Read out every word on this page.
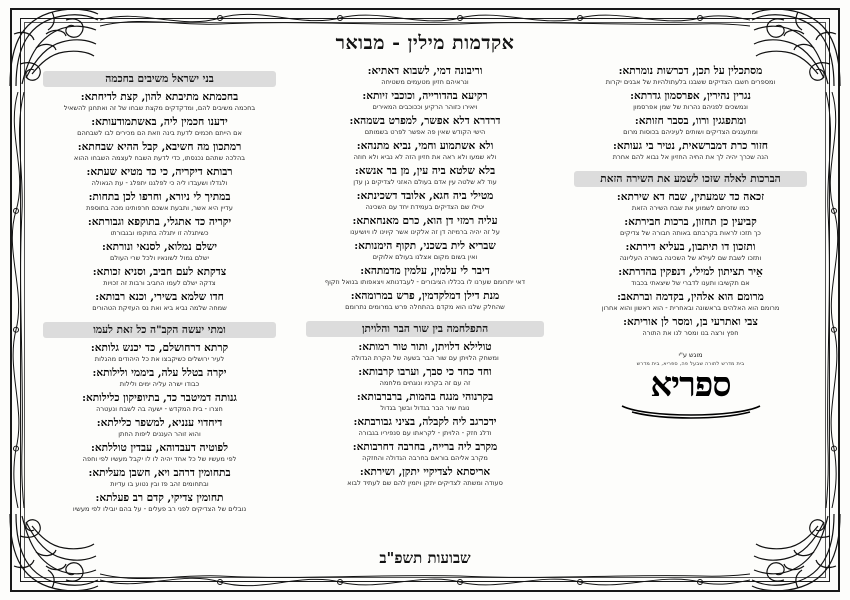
אקדמות מילין - מבואר
מסתכלין על תכן, דכרשות נומרתא:
ומספרים חשבו הצדיקים ששבנו בלעתולהיות של אבנים יקרות
נגרין נהירין, אפרסמון גדרתא:
ונמשכים לפניהם נהרות של שמן אפרסמון
ומתפגגין ורוו, בסבר חזותא:
ומתענגים הצדיקים ושותים לעיניהם בכוסות מרום
חזור כרת דמברשאית, נטיר בי געותא:
הנה שכרך יהיה לך את החיה החזיון אל נבוא להם אחרת
הברכות לאלה שזכו לשמע את השירה הזאת
זכאה כד שמעתין, שבח דא שירתא:
כמו שזכיתם לשמוע את שבח השירה הזאת
קביעין כן תחזון, ברכות חבירתא:
כך תזכו לראות בקרבתם באותה חבורה של צדיקים
ותזכון דו תיתבון, בעליא דירתא:
ותזכו לשבת שם לעילא של השכינה בשורה העליונה
אֵיר תציתון למילי, דנפקין בהדרתא:
אם תקשיבו ותענו לדברי של שיצאתי בכבוד
מרומם הוא אלהין, בקדמה וברתאב:
מרומם הוא האלהים בראשונה ובאחרית - הוא ראשון והוא אחרון
צבי ואתרעי בן, ומסר לן אוריתא:
חפץ ורצה בנו ומסר לנו את התורה
מוגש ע"י
בית מדרש לתורה שבעל פה, ספריא, בית מדרש
ספריא
וריבונה דמי, לשבוא דאתיא:
ונראיהם חזיון מטעמים משטיחה
רקיעא בהדורייה, וכוכבי זיותא:
ויאירו כזוהר הרקיע וככוכבים המאירים
דרדרא דלא אפשר, למפרט בשמהא:
הישי הקודש שאין פה אפשר לפרט בשמותם
ולא אשתמוע וחמי, נביא מתנהא:
ולא שמעו ולא ראה את חזיון הזה לא נביא ולא חוזה
בלא שלטא ביה עין, מן בר אנשא:
עוד לא שלטה עין אדם בעולם האזני לצדיקים גן עדן
מטילי ביה חגא, אלובד דשכינתא:
יטילו שם הצדיקים בעמידת יחד עם השכינה
עליה רמזי דן הוא, כרם מאנחאתא:
על זה יהיה ברמיזה דן זה אלקינו אשר קיוינו לו ויושיענו
שבריא לית בשכני, תקוף הימנותא:
ואין בשום מקום אצלנו בעולם אלוקים
דיבר לי עלמין, עלמין מדמתהא:
דאי יתרומם שערנו לו בכללו הציבורים - לעבדנותא ויצאפותו בנואל וזקוף
מנת דילן דמלקדמין, פרש במרומהא:
שהחלק שלנו הוא מקדם בהתחלה פרש במרומים נתרומם
התפלחמה בין שור הבר והלויתן
טולילא דלויתן, ותור טור רמותא:
ומשחק הלויתן עם שור הבר בשעה של הקרת הגדולה
וחד כחד כי סבך, וערבו קרבותא:
זה עם זה בקרניו ונוגחים מלחמה
בקרנוהי מנגח בהמות, ברברבותא:
נוגח שור הבר בגדול ובשך בגדול
ידכרגב ליה לקבלה, בציני גבורבתא:
ודלג חזק - הלויתן - לקראתו עם סנפיריו בגבורה
מקרב ליה ברייה, בחרבה דחרבותא:
מקרב אליהם בוראם בחרבה הגדולה והחזקה
אריסתא לצדיקיי יתקן, ושירתא:
סעודה ומשתה לצדיקים יתקן ויזמין להם שם לעתיד לבוא
בני ישראל משיבים בחכמה
בחכמתא מתיבתא להון, קצת לדיחתא:
בחכמה משיבים להם, ומדקדקים מקצת שבחו של זה ואתחנן להשאיל
ידענו חכמין ליה, באשתמודעותא:
אם הייתם חכמים לדעת בינה וזאת הם מכירים לבו לשבחהם
רמתכון מה חשיבא, קבל ההיא שבחתא:
בהלכה שתהם נכנסתו, כדי לדעת השבח לעצמה השבחו ההוא
רבותא דיקריה, כי כד מטיא שעתא:
ולגדלו ושעבדו ליה כי לפלגנו יתפלג - עת הגאולה
במתיך לי ניורא, וחרפו לכן בתחות:
עדיין היא אשר, ותבעת אשכם חרפותינו מכה בתוספת
יקריה כד אתגלי, בתוקפא וגבורתא:
כשיתגלה זו יתגלה בתוקפו ובגבורתו
ישלם נמלוא, לסנאי ונורתא:
ישלם גמול לשונאיו ולכל שרי העולם
צדקתא לעם חביב, וסניא זכותא:
צדקה ישלם לעמו החביב ורבות זה זכויות
חדו שלמא בשירי, וכנא רבותא:
שמחה שלמה נביא ביא ואת נס העזיקת הטהורים
ומתי יעשה הקב"ה כל זאת לעמו
קרתא דרחושלם, כד יכנש גלותא:
לעיר ירושלים כשיקבצו את כל היהודים מהגלות
יקרה בטלל עלה, ביממי ולילותא:
כבודו ישרה עליה ימים ולילות
גנותה דמיטבר כד, בתיופיקון כלילותא:
חצרו - בית המקדש - ישעה בה לשבח ונעטרה
דיחדוי ענניא, למשפר כלילתא:
והוא זוהר העננים ליפות החתן
לפוטיה דעבדוהא, עבדין טוללתא:
לפי מעשיו של כל אחד יהיה לו לו יקבל מעשיו לפי וחפה
בתחומין דרהב ויא, חשבן מעליתא:
ובתחומים זהב פז ובין נטוע בו עדיות
תחומין צדיקי, קדם רב פעלתא:
נובלים של הצדיקים לפני רב פעלים - על בהם יובילו לפי מעשיו
שבועות תשפ"ב
